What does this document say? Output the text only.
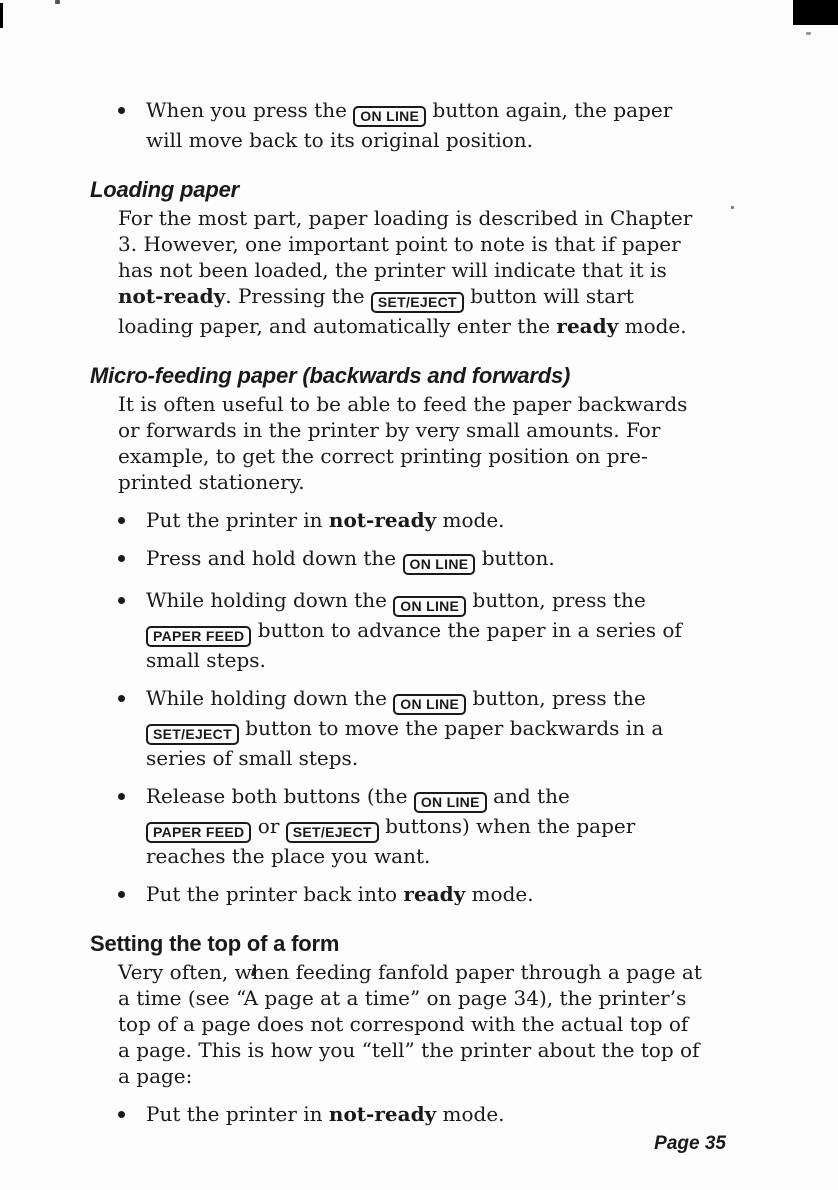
When you press the ON LINE button again, the paper
will move back to its original position.
Loading paper
For the most part, paper loading is described in Chapter
3. However, one important point to note is that if paper
has not been loaded, the printer will indicate that it is
not-ready. Pressing the SET/EJECT button will start
loading paper, and automatically enter the ready mode.
Micro-feeding paper (backwards and forwards)
It is often useful to be able to feed the paper backwards
or forwards in the printer by very small amounts. For
example, to get the correct printing position on pre-
printed stationery.
Put the printer in not-ready mode.
Press and hold down the ON LINE button.
While holding down the ON LINE button, press the
PAPER FEED button to advance the paper in a series of
small steps.
While holding down the ON LINE button, press the
SET/EJECT button to move the paper backwards in a
series of small steps.
Release both buttons (the ON LINE and the
PAPER FEED or SET/EJECT buttons) when the paper
reaches the place you want.
Put the printer back into ready mode.
Setting the top of a form
Very often, when feeding fanfold paper through a page at
a time (see “A page at a time” on page 34), the printer’s
top of a page does not correspond with the actual top of
a page. This is how you “tell” the printer about the top of
a page:
Put the printer in not-ready mode.
Page 35
